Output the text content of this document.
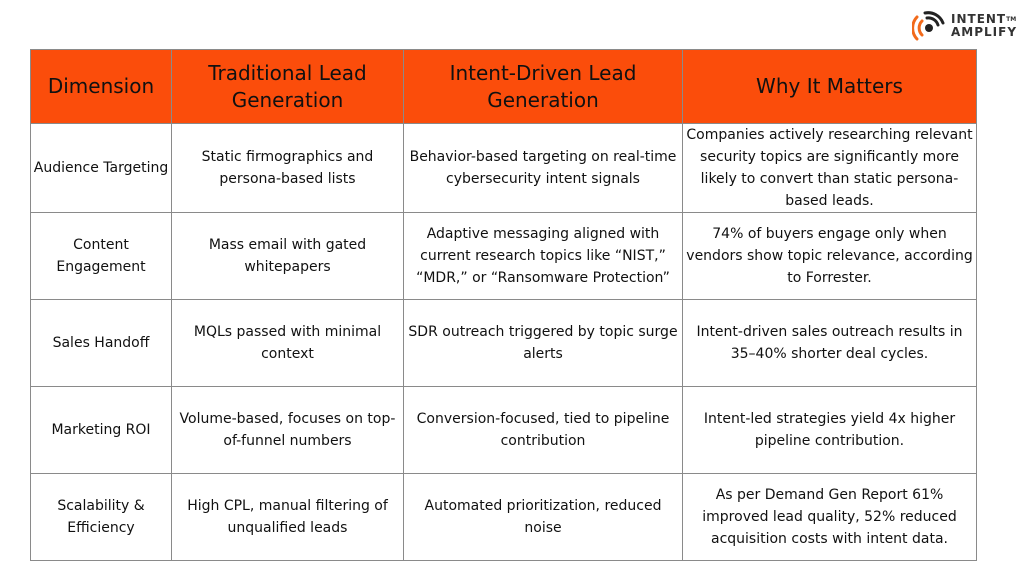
INTENT™
AMPLIFY
Dimension	Traditional Lead Generation	Intent-Driven Lead Generation	Why It Matters
Audience Targeting	Static firmographics and persona-based lists	Behavior-based targeting on real-time cybersecurity intent signals	Companies actively researching relevant security topics are significantly more likely to convert than static persona-based leads.
Content Engagement	Mass email with gated whitepapers	Adaptive messaging aligned with current research topics like “NIST,” “MDR,” or “Ransomware Protection”	74% of buyers engage only when vendors show topic relevance, according to Forrester.
Sales Handoff	MQLs passed with minimal context	SDR outreach triggered by topic surge alerts	Intent-driven sales outreach results in 35–40% shorter deal cycles.
Marketing ROI	Volume-based, focuses on top-of-funnel numbers	Conversion-focused, tied to pipeline contribution	Intent-led strategies yield 4x higher pipeline contribution.
Scalability & Efficiency	High CPL, manual filtering of unqualified leads	Automated prioritization, reduced noise	As per Demand Gen Report 61% improved lead quality, 52% reduced acquisition costs with intent data.
